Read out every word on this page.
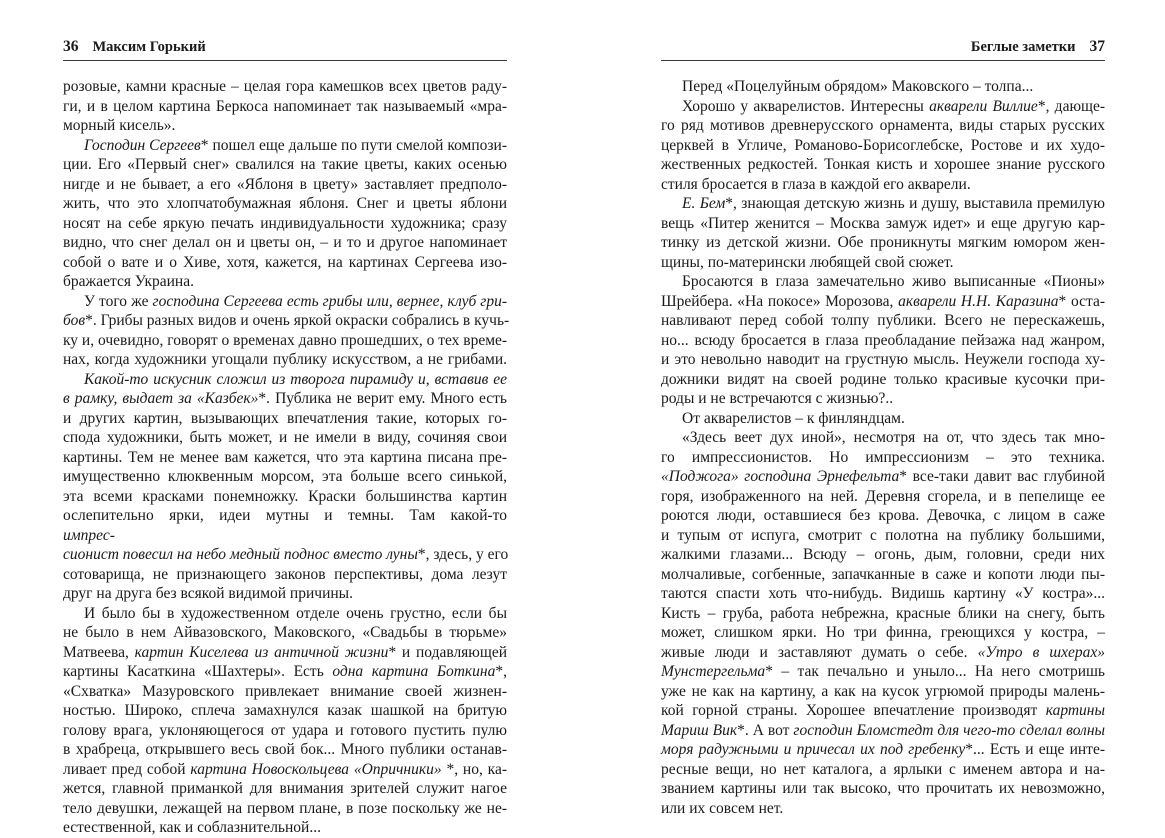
36 Максим Горький
розовые, камни красные – целая гора камешков всех цветов раду-
ги, и в целом картина Беркоса напоминает так называемый «мра-
морный кисель».
Господин Сергеев* пошел еще дальше по пути смелой компози-
ции. Его «Первый снег» свалился на такие цветы, каких осенью
нигде и не бывает, а его «Яблоня в цвету» заставляет предполо-
жить, что это хлопчатобумажная яблоня. Снег и цветы яблони
носят на себе яркую печать индивидуальности художника; сразу
видно, что снег делал он и цветы он, – и то и другое напоминает
собой о вате и о Хиве, хотя, кажется, на картинах Сергеева изо-
бражается Украина.
У того же господина Сергеева есть грибы или, вернее, клуб гри-
бов*. Грибы разных видов и очень яркой окраски собрались в кучь-
ку и, очевидно, говорят о временах давно прошедших, о тех време-
нах, когда художники угощали публику искусством, а не грибами.
Какой-то искусник сложил из творога пирамиду и, вставив ее
в рамку, выдает за «Казбек»*. Публика не верит ему. Много есть
и других картин, вызывающих впечатления такие, которых го-
спода художники, быть может, и не имели в виду, сочиняя свои
картины. Тем не менее вам кажется, что эта картина писана пре-
имущественно клюквенным морсом, эта больше всего синькой,
эта всеми красками понемножку. Краски большинства картин
ослепительно ярки, идеи мутны и темны. Там какой-то
импрес-
сионист повесил на небо медный поднос вместо луны*, здесь, у его
сотоварища, не признающего законов перспективы, дома лезут
друг на друга без всякой видимой причины.
И было бы в художественном отделе очень грустно, если бы
не было в нем Айвазовского, Маковского, «Свадьбы в тюрьме»
Матвеева, картин Киселева из античной жизни* и подавляющей
картины Касаткина «Шахтеры». Есть одна картина Боткина*,
«Схватка» Мазуровского привлекает внимание своей жизнен-
ностью. Широко, сплеча замахнулся казак шашкой на бритую
голову врага, уклоняющегося от удара и готового пустить пулю
в храбреца, открывшего весь свой бок... Много публики останав-
ливает пред собой картина Новоскольцева «Опричники» *, но, ка-
жется, главной приманкой для внимания зрителей служит нагое
тело девушки, лежащей на первом плане, в позе поскольку же не-
естественной, как и соблазнительной...
Беглые заметки 37
Перед «Поцелуйным обрядом» Маковского – толпа...
Хорошо у акварелистов. Интересны акварели Виллие*, дающе-
го ряд мотивов древнерусского орнамента, виды старых русских
церквей в Угличе, Романово-Борисоглебске, Ростове и их худо-
жественных редкостей. Тонкая кисть и хорошее знание русского
стиля бросается в глаза в каждой его акварели.
Е. Бем*, знающая детскую жизнь и душу, выставила премилую
вещь «Питер женится – Москва замуж идет» и еще другую кар-
тинку из детской жизни. Обе проникнуты мягким юмором жен-
щины, по-матерински любящей свой сюжет.
Бросаются в глаза замечательно живо выписанные «Пионы»
Шрейбера. «На покосе» Морозова, акварели Н.Н. Каразина* оста-
навливают перед собой толпу публики. Всего не перескажешь,
но... всюду бросается в глаза преобладание пейзажа над жанром,
и это невольно наводит на грустную мысль. Неужели господа ху-
дожники видят на своей родине только красивые кусочки при-
роды и не встречаются с жизнью?..
От акварелистов – к финляндцам.
«Здесь веет дух иной», несмотря на от, что здесь так мно-
го импрессионистов. Но импрессионизм – это техника.
«Поджога» господина Эрнефельта* все-таки давит вас глубиной
горя, изображенного на ней. Деревня сгорела, и в пепелище ее
роются люди, оставшиеся без крова. Девочка, с лицом в саже
и тупым от испуга, смотрит с полотна на публику большими,
жалкими глазами... Всюду – огонь, дым, головни, среди них
молчаливые, согбенные, запачканные в саже и копоти люди пы-
таются спасти хоть что-нибудь. Видишь картину «У костра»...
Кисть – груба, работа небрежна, красные блики на снегу, быть
может, слишком ярки. Но три финна, греющихся у костра, –
живые люди и заставляют думать о себе. «Утро в шхерах»
Мунстергельма* – так печально и уныло... На него смотришь
уже не как на картину, а как на кусок угрюмой природы малень-
кой горной страны. Хорошее впечатление производят картины
Мариш Вик*. А вот господин Бломстедт для чего-то сделал волны
моря радужными и причесал их под гребенку*... Есть и еще инте-
ресные вещи, но нет каталога, а ярлыки с именем автора и на-
званием картины или так высоко, что прочитать их невозможно,
или их совсем нет.
